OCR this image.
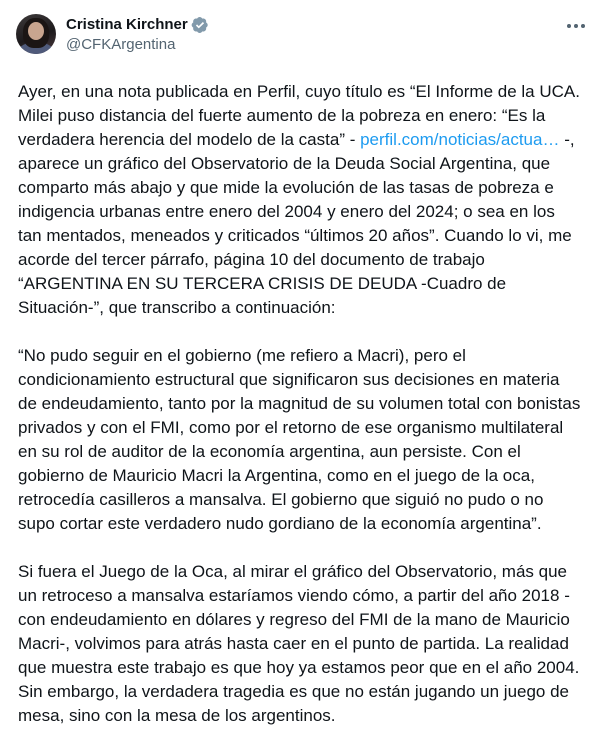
Cristina Kirchner
@CFKArgentina

Ayer, en una nota publicada en Perfil, cuyo título es “El Informe de la UCA. Milei puso distancia del fuerte aumento de la pobreza en enero: “Es la verdadera herencia del modelo de la casta” - perfil.com/noticias/actua… -, aparece un gráfico del Observatorio de la Deuda Social Argentina, que comparto más abajo y que mide la evolución de las tasas de pobreza e indigencia urbanas entre enero del 2004 y enero del 2024; o sea en los tan mentados, meneados y criticados “últimos 20 años”. Cuando lo vi, me acorde del tercer párrafo, página 10 del documento de trabajo “ARGENTINA EN SU TERCERA CRISIS DE DEUDA -Cuadro de Situación-”, que transcribo a continuación:

“No pudo seguir en el gobierno (me refiero a Macri), pero el condicionamiento estructural que significaron sus decisiones en materia de endeudamiento, tanto por la magnitud de su volumen total con bonistas privados y con el FMI, como por el retorno de ese organismo multilateral en su rol de auditor de la economía argentina, aun persiste. Con el gobierno de Mauricio Macri la Argentina, como en el juego de la oca, retrocedía casilleros a mansalva. El gobierno que siguió no pudo o no supo cortar este verdadero nudo gordiano de la economía argentina”.

Si fuera el Juego de la Oca, al mirar el gráfico del Observatorio, más que un retroceso a mansalva estaríamos viendo cómo, a partir del año 2018 -con endeudamiento en dólares y regreso del FMI de la mano de Mauricio Macri-, volvimos para atrás hasta caer en el punto de partida. La realidad que muestra este trabajo es que hoy ya estamos peor que en el año 2004. Sin embargo, la verdadera tragedia es que no están jugando un juego de mesa, sino con la mesa de los argentinos.
